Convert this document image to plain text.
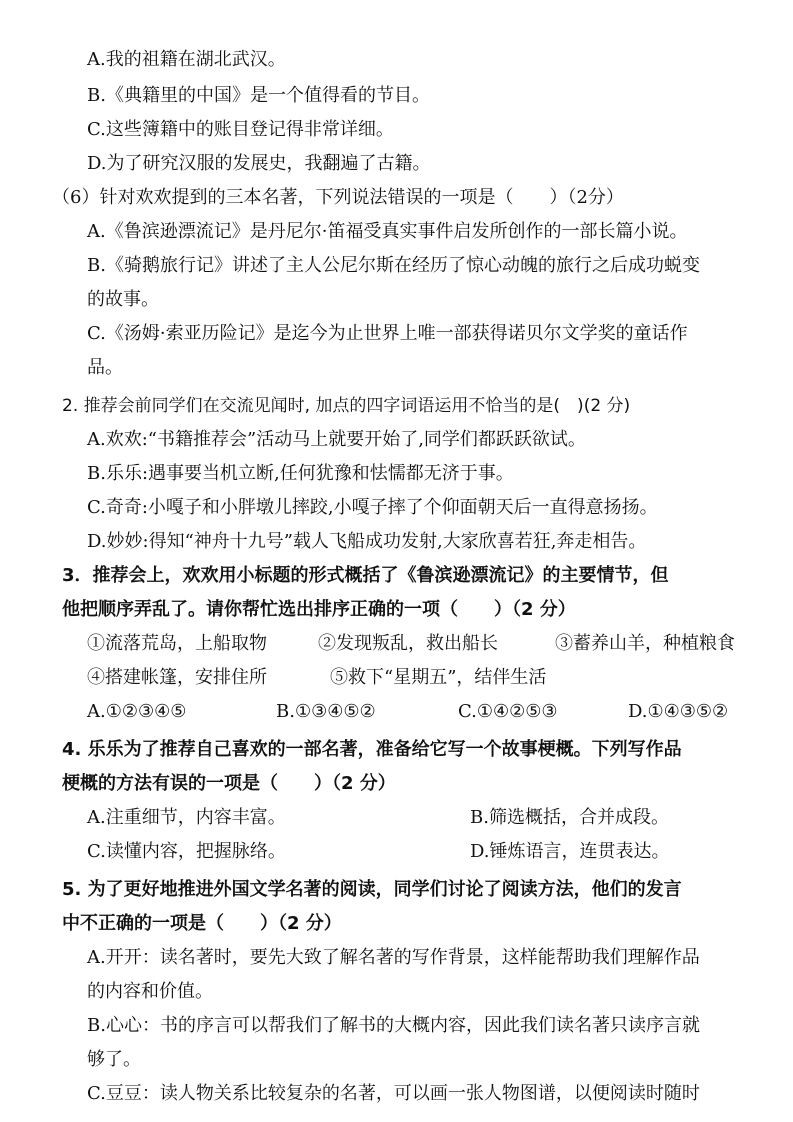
A.我的祖籍在湖北武汉。
B.《典籍里的中国》是一个值得看的节目。
C.这些簿籍中的账目登记得非常详细。
D.为了研究汉服的发展史，我翻遍了古籍。
（6）针对欢欢提到的三本名著，下列说法错误的一项是（　　）（2分）
A.《鲁滨逊漂流记》是丹尼尔·笛福受真实事件启发所创作的一部长篇小说。
B.《骑鹅旅行记》讲述了主人公尼尔斯在经历了惊心动魄的旅行之后成功蜕变
的故事。
C.《汤姆·索亚历险记》是迄今为止世界上唯一部获得诺贝尔文学奖的童话作
品。
2. 推荐会前同学们在交流见闻时, 加点的四字词语运用不恰当的是(　)(2 分)
A.欢欢:“书籍推荐会”活动马上就要开始了,同学们都跃跃欲试。
B.乐乐:遇事要当机立断,任何犹豫和怯懦都无济于事。
C.奇奇:小嘎子和小胖墩儿摔跤,小嘎子摔了个仰面朝天后一直得意扬扬。
D.妙妙:得知“神舟十九号”载人飞船成功发射,大家欣喜若狂,奔走相告。
3．推荐会上，欢欢用小标题的形式概括了《鲁滨逊漂流记》的主要情节，但
他把顺序弄乱了。请你帮忙选出排序正确的一项（　　）（2 分）
①流落荒岛，上船取物	②发现叛乱，救出船长	③蓄养山羊，种植粮食
④搭建帐篷，安排住所	⑤救下“星期五”，结伴生活
A.①②③④⑤	B.①③④⑤②	C.①④②⑤③	D.①④③⑤②
4. 乐乐为了推荐自己喜欢的一部名著，准备给它写一个故事梗概。下列写作品
梗概的方法有误的一项是（　　）（2 分）
A.注重细节，内容丰富。	B.筛选概括，合并成段。
C.读懂内容，把握脉络。	D.锤炼语言，连贯表达。
5. 为了更好地推进外国文学名著的阅读，同学们讨论了阅读方法，他们的发言
中不正确的一项是（　　）（2 分）
A.开开：读名著时，要先大致了解名著的写作背景，这样能帮助我们理解作品
的内容和价值。
B.心心：书的序言可以帮我们了解书的大概内容，因此我们读名著只读序言就
够了。
C.豆豆：读人物关系比较复杂的名著，可以画一张人物图谱，以便阅读时随时
